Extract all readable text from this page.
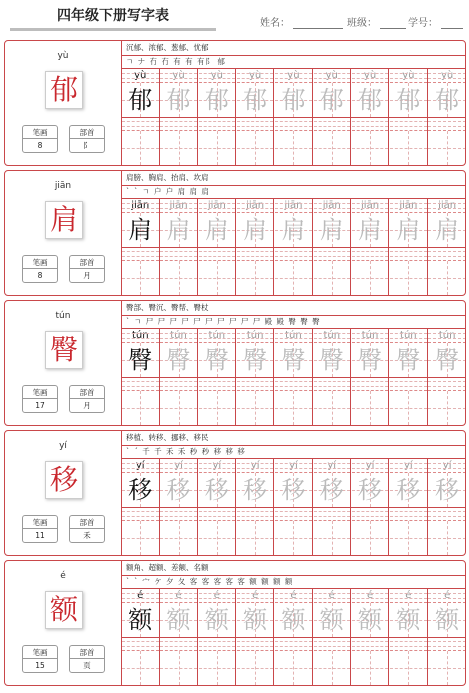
四年级下册写字表	姓名：	班级：	学号：
yù
郁
笔画
8
部首
阝
沉郁、浓郁、葱郁、忧郁
ㄱ ナ 冇 冇 有 有 有阝 郁
yù
郁
yù
郁
yù
郁
yù
郁
yù
郁
yù
郁
yù
郁
yù
郁
yù
郁
jiān
肩
笔画
8
部首
月
肩膀、胸肩、抬肩、坎肩
` ˋ ㄱ 户 户 肩 肩 肩
jiān
肩
jiān
肩
jiān
肩
jiān
肩
jiān
肩
jiān
肩
jiān
肩
jiān
肩
jiān
肩
tún
臀
笔画
17
部首
月
臀部、臀沉、臀帮、臀杖
` ㄱ 尸 尸 尸 尸 尸 尸 尸 尸 尸 尸 殿 殿 臀 臀 臀
tún
臀
tún
臀
tún
臀
tún
臀
tún
臀
tún
臀
tún
臀
tún
臀
tún
臀
yí
移
笔画
11
部首
禾
移植、转移、挪移、移民
` ˊ 千 千 禾 禾 秒 秒 移 移 移
yí
移
yí
移
yí
移
yí
移
yí
移
yí
移
yí
移
yí
移
yí
移
é
额
笔画
15
部首
页
额角、超额、差额、名额
` ˋ 宀 ケ 夕 夂 客 客 客 客 客 额 额 额 额
é
额
é
额
é
额
é
额
é
额
é
额
é
额
é
额
é
额
